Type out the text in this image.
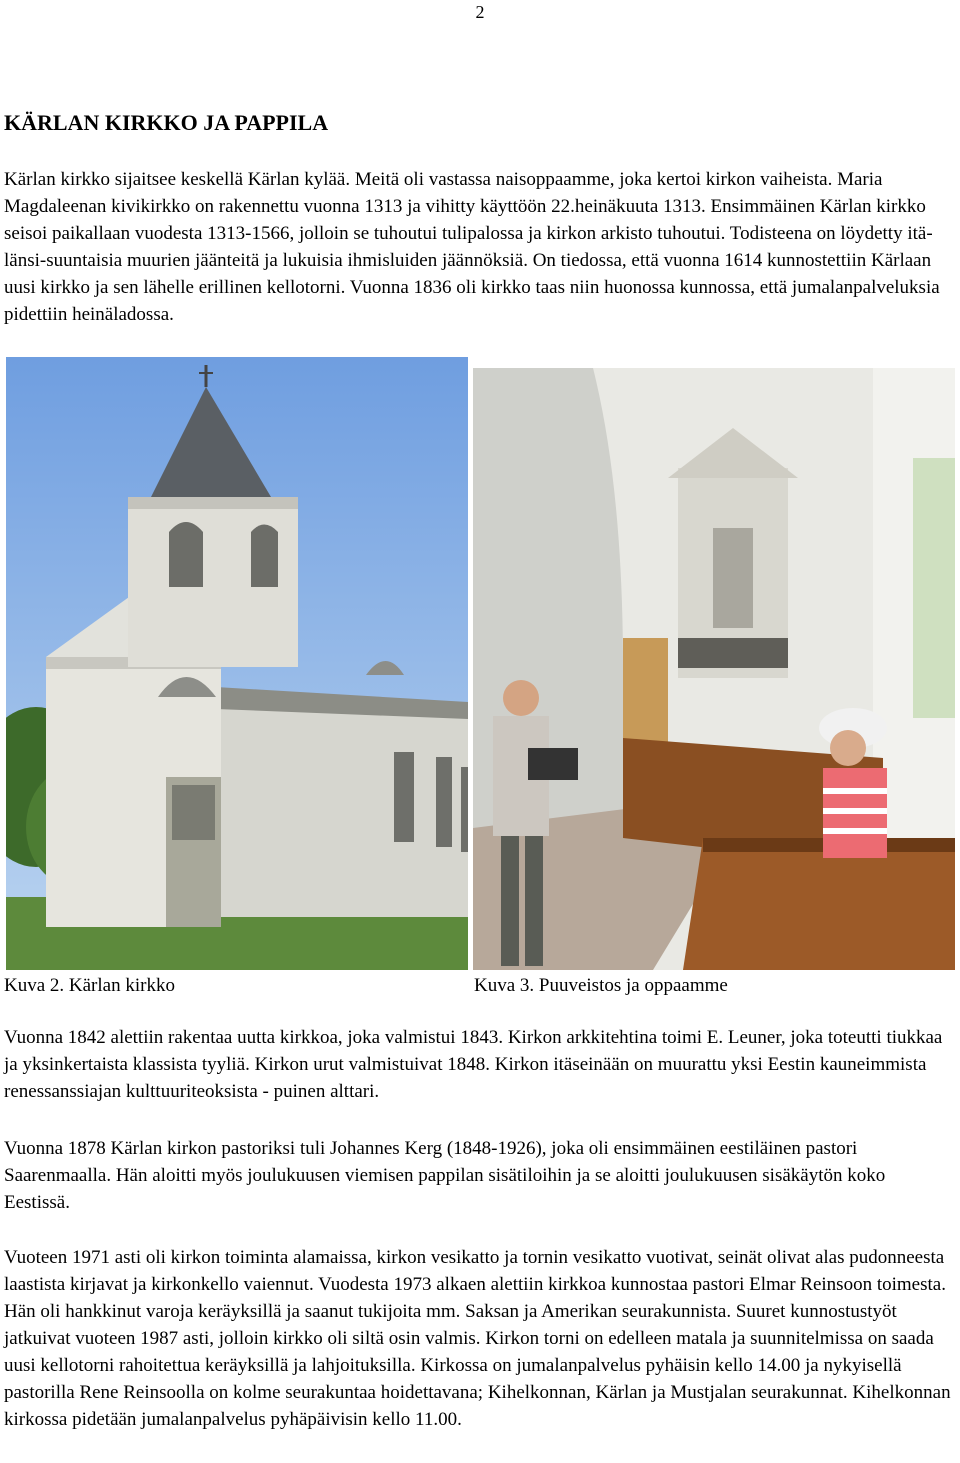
2
KÄRLAN KIRKKO JA PAPPILA

Kärlan kirkko sijaitsee keskellä Kärlan kylää. Meitä oli vastassa naisoppaamme, joka kertoi kirkon vaiheista. Maria Magdaleenan kivikirkko on rakennettu vuonna 1313 ja vihitty käyttöön 22.heinäkuuta 1313. Ensimmäinen Kärlan kirkko seisoi paikallaan vuodesta 1313-1566, jolloin se tuhoutui tulipalossa ja kirkon arkisto tuhoutui. Todisteena on löydetty itä-länsi-suuntaisia muurien jäänteitä ja lukuisia ihmisluiden jäännöksiä. On tiedossa, että vuonna 1614 kunnostettiin Kärlaan uusi kirkko ja sen lähelle erillinen kellotorni. Vuonna 1836 oli kirkko taas niin huonossa kunnossa, että jumalanpalveluksia pidettiin heinäladossa.

Kuva 2. Kärlan kirkko	Kuva 3. Puuveistos ja oppaamme

Vuonna 1842 alettiin rakentaa uutta kirkkoa, joka valmistui 1843. Kirkon arkkitehtina toimi E. Leuner, joka toteutti tiukkaa ja yksinkertaista klassista tyyliä. Kirkon urut valmistuivat 1848. Kirkon itäseinään on muurattu yksi Eestin kauneimmista renessanssiajan kulttuuriteoksista - puinen alttari.

Vuonna 1878 Kärlan kirkon pastoriksi tuli Johannes Kerg (1848-1926), joka oli ensimmäinen eestiläinen pastori Saarenmaalla. Hän aloitti myös joulukuusen viemisen pappilan sisätiloihin ja se aloitti joulukuusen sisäkäytön koko Eestissä.

Vuoteen 1971 asti oli kirkon toiminta alamaissa, kirkon vesikatto ja tornin vesikatto vuotivat, seinät olivat alas pudonneesta laastista kirjavat ja kirkonkello vaiennut. Vuodesta 1973 alkaen alettiin kirkkoa kunnostaa pastori Elmar Reinsoon toimesta. Hän oli hankkinut varoja keräyksillä ja saanut tukijoita mm. Saksan ja Amerikan seurakunnista. Suuret kunnostustyöt jatkuivat vuoteen 1987 asti, jolloin kirkko oli siltä osin valmis. Kirkon torni on edelleen matala ja suunnitelmissa on saada uusi kellotorni rahoitettua keräyksillä ja lahjoituksilla. Kirkossa on jumalanpalvelus pyhäisin kello 14.00 ja nykyisellä pastorilla Rene Reinsoolla on kolme seurakuntaa hoidettavana; Kihelkonnan, Kärlan ja Mustjalan seurakunnat. Kihelkonnan kirkossa pidetään jumalanpalvelus pyhäpäivisin kello 11.00.
